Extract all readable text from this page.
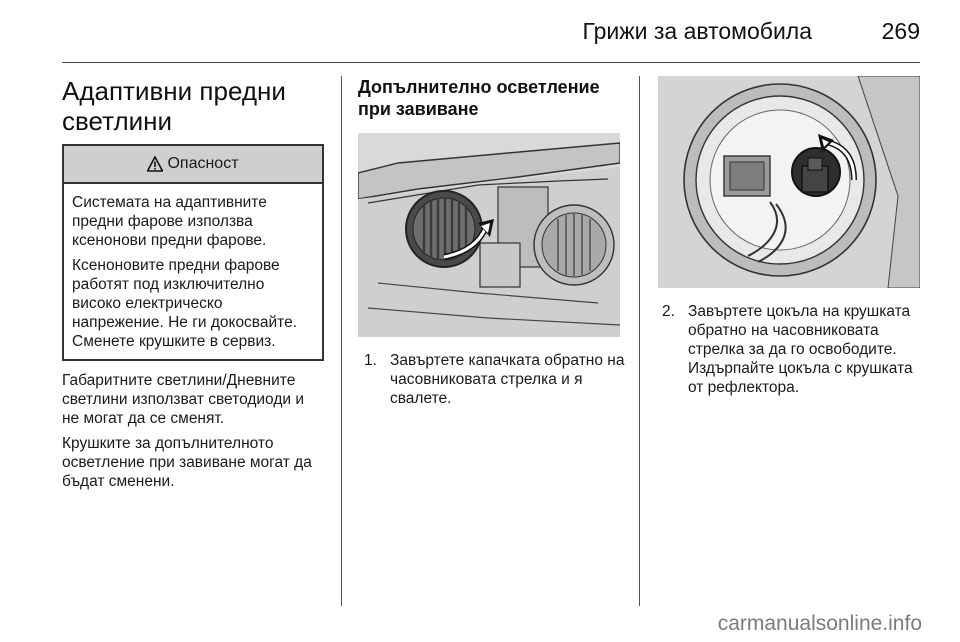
Грижи за автомобила	269
Адаптивни предни светлини
Опасност

Системата на адаптивните предни фарове използва ксенонови предни фарове.

Ксеноновите предни фарове работят под изключително високо електрическо напрежение. Не ги докосвайте. Сменете крушките в сервиз.

Габаритните светлини/Дневните светлини използват светодиоди и не могат да се сменят.

Крушките за допълнителното осветление при завиване могат да бъдат сменени.

Допълнително осветление при завиване
1. Завъртете капачката обратно на часовниковата стрелка и я свалете.
2. Завъртете цокъла на крушката обратно на часовниковата стрелка за да го освободите. Издърпайте цокъла с крушката от рефлектора.
carmanualsonline.info
